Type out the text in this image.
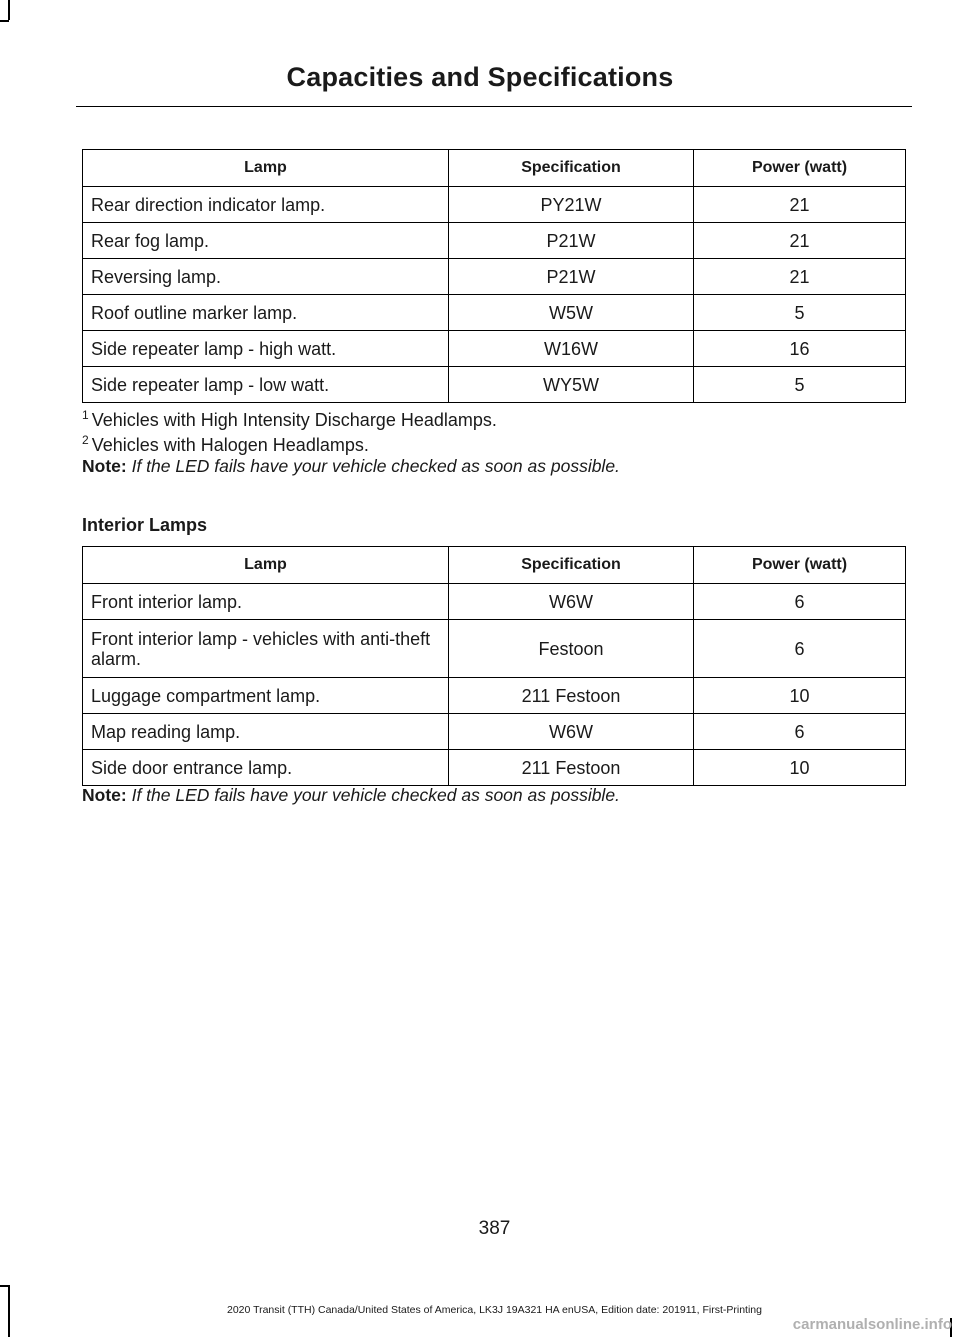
Capacities and Specifications
Lamp	Specification	Power (watt)
Rear direction indicator lamp.	PY21W	21
Rear fog lamp.	P21W	21
Reversing lamp.	P21W	21
Roof outline marker lamp.	W5W	5
Side repeater lamp - high watt.	W16W	16
Side repeater lamp - low watt.	WY5W	5
$^1$ Vehicles with High Intensity Discharge Headlamps.
$^2$ Vehicles with Halogen Headlamps.
Note: If the LED fails have your vehicle checked as soon as possible.
Interior Lamps
Lamp	Specification	Power (watt)
Front interior lamp.	W6W	6
Front interior lamp - vehicles with anti-theft alarm.	Festoon	6
Luggage compartment lamp.	211 Festoon	10
Map reading lamp.	W6W	6
Side door entrance lamp.	211 Festoon	10
Note: If the LED fails have your vehicle checked as soon as possible.
387
2020 Transit (TTH) Canada/United States of America, LK3J 19A321 HA enUSA, Edition date: 201911, First-Printing
carmanualsonline.info
